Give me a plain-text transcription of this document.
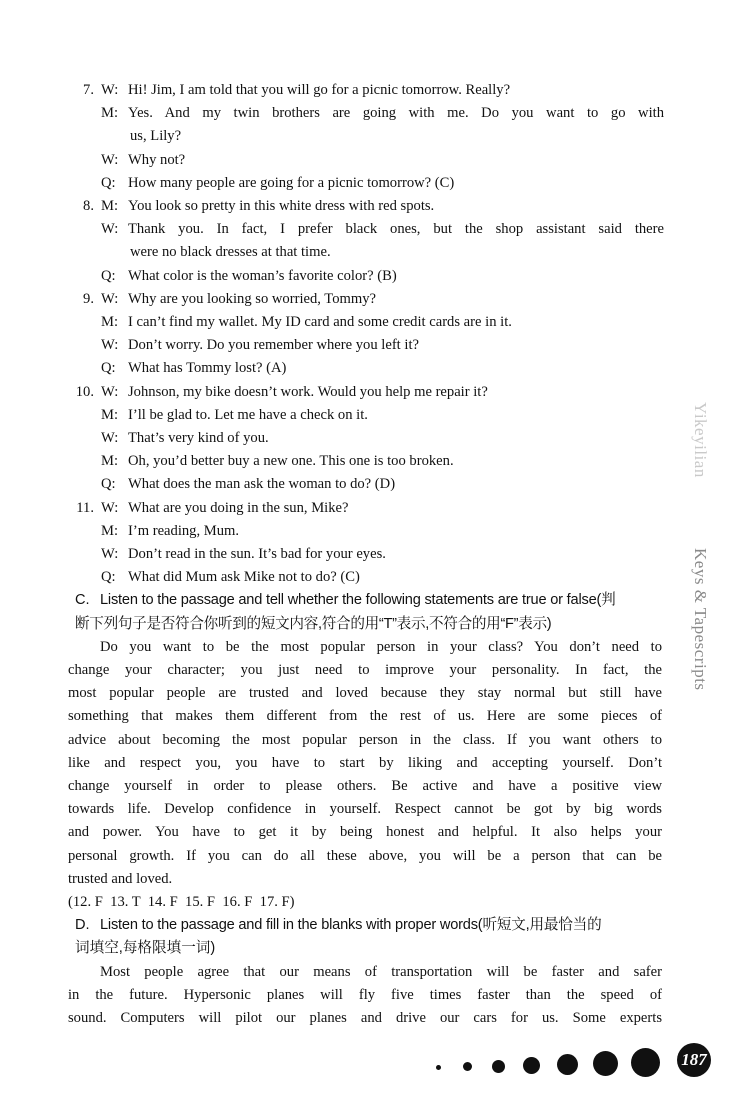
7. W: Hi! Jim, I am told that you will go for a picnic tomorrow. Really?
M: Yes. And my twin brothers are going with me. Do you want to go with
us, Lily?
W: Why not?
Q: How many people are going for a picnic tomorrow? (C)
8. M: You look so pretty in this white dress with red spots.
W: Thank you. In fact, I prefer black ones, but the shop assistant said there
were no black dresses at that time.
Q: What color is the woman’s favorite color? (B)
9. W: Why are you looking so worried, Tommy?
M: I can’t find my wallet. My ID card and some credit cards are in it.
W: Don’t worry. Do you remember where you left it?
Q: What has Tommy lost? (A)
10. W: Johnson, my bike doesn’t work. Would you help me repair it?
M: I’ll be glad to. Let me have a check on it.
W: That’s very kind of you.
M: Oh, you’d better buy a new one. This one is too broken.
Q: What does the man ask the woman to do? (D)
11. W: What are you doing in the sun, Mike?
M: I’m reading, Mum.
W: Don’t read in the sun. It’s bad for your eyes.
Q: What did Mum ask Mike not to do? (C)
C. Listen to the passage and tell whether the following statements are true or false(判
断下列句子是否符合你听到的短文内容,符合的用“T”表示,不符合的用“F”表示)
Do you want to be the most popular person in your class? You don’t need to
change your character; you just need to improve your personality. In fact, the
most popular people are trusted and loved because they stay normal but still have
something that makes them different from the rest of us. Here are some pieces of
advice about becoming the most popular person in the class. If you want others to
like and respect you, you have to start by liking and accepting yourself. Don’t
change yourself in order to please others. Be active and have a positive view
towards life. Develop confidence in yourself. Respect cannot be got by big words
and power. You have to get it by being honest and helpful. It also helps your
personal growth. If you can do all these above, you will be a person that can be
trusted and loved.
(12. F  13. T  14. F  15. F  16. F  17. F)
D. Listen to the passage and fill in the blanks with proper words(听短文,用最恰当的
词填空,每格限填一词)
Most people agree that our means of transportation will be faster and safer
in the future. Hypersonic planes will fly five times faster than the speed of
sound. Computers will pilot our planes and drive our cars for us. Some experts
Yikeyilian
Keys & Tapescripts
187
